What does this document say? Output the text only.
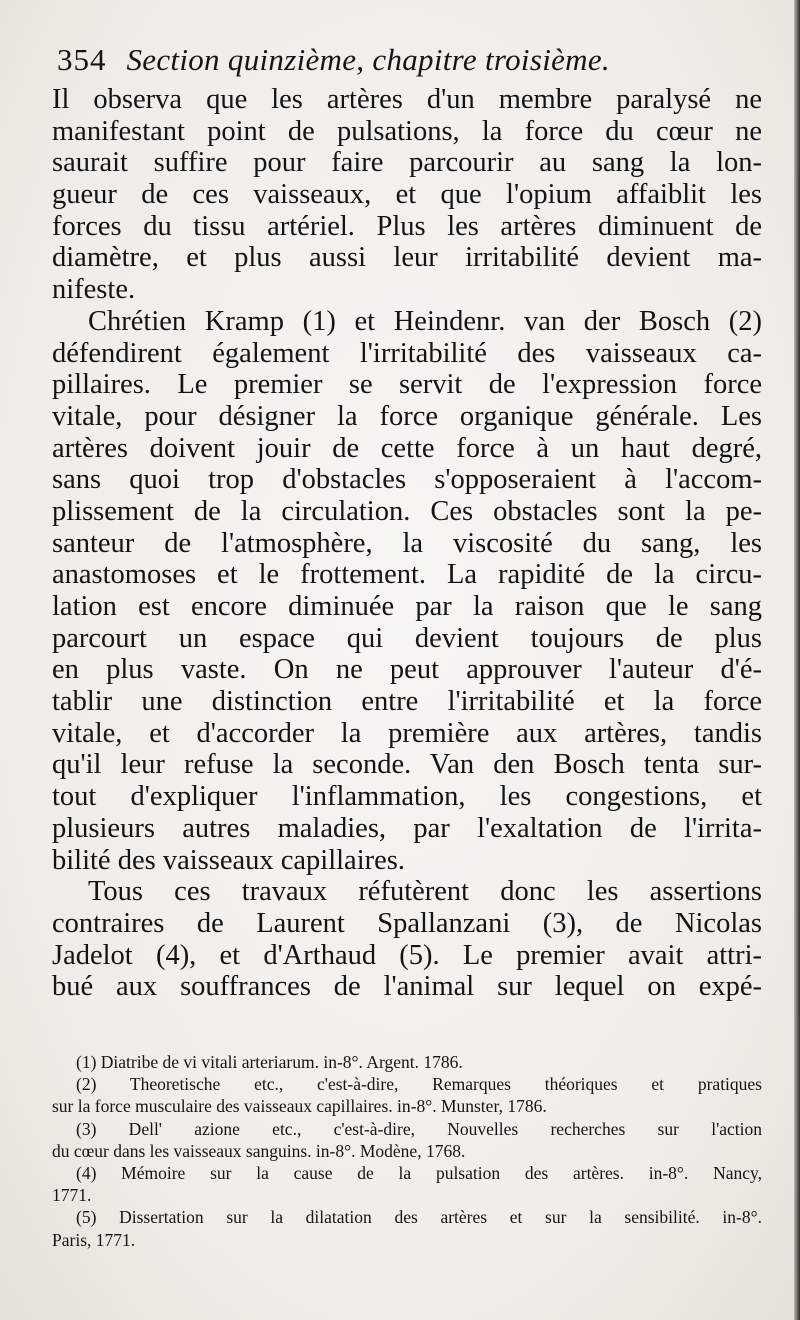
354 Section quinzième, chapitre troisième.
Il observa que les artères d'un membre paralysé ne
manifestant point de pulsations, la force du cœur ne
saurait suffire pour faire parcourir au sang la lon-
gueur de ces vaisseaux, et que l'opium affaiblit les
forces du tissu artériel. Plus les artères diminuent de
diamètre, et plus aussi leur irritabilité devient ma-
nifeste.
Chrétien Kramp (1) et Heindenr. van der Bosch (2)
défendirent également l'irritabilité des vaisseaux ca-
pillaires. Le premier se servit de l'expression force
vitale, pour désigner la force organique générale. Les
artères doivent jouir de cette force à un haut degré,
sans quoi trop d'obstacles s'opposeraient à l'accom-
plissement de la circulation. Ces obstacles sont la pe-
santeur de l'atmosphère, la viscosité du sang, les
anastomoses et le frottement. La rapidité de la circu-
lation est encore diminuée par la raison que le sang
parcourt un espace qui devient toujours de plus
en plus vaste. On ne peut approuver l'auteur d'é-
tablir une distinction entre l'irritabilité et la force
vitale, et d'accorder la première aux artères, tandis
qu'il leur refuse la seconde. Van den Bosch tenta sur-
tout d'expliquer l'inflammation, les congestions, et
plusieurs autres maladies, par l'exaltation de l'irrita-
bilité des vaisseaux capillaires.
Tous ces travaux réfutèrent donc les assertions
contraires de Laurent Spallanzani (3), de Nicolas
Jadelot (4), et d'Arthaud (5). Le premier avait attri-
bué aux souffrances de l'animal sur lequel on expé-
(1) Diatribe de vi vitali arteriarum. in-8°. Argent. 1786.
(2) Theoretische etc., c'est-à-dire, Remarques théoriques et pratiques
sur la force musculaire des vaisseaux capillaires. in-8°. Munster, 1786.
(3) Dell' azione etc., c'est-à-dire, Nouvelles recherches sur l'action
du cœur dans les vaisseaux sanguins. in-8°. Modène, 1768.
(4) Mémoire sur la cause de la pulsation des artères. in-8°. Nancy,
1771.
(5) Dissertation sur la dilatation des artères et sur la sensibilité. in-8°.
Paris, 1771.
